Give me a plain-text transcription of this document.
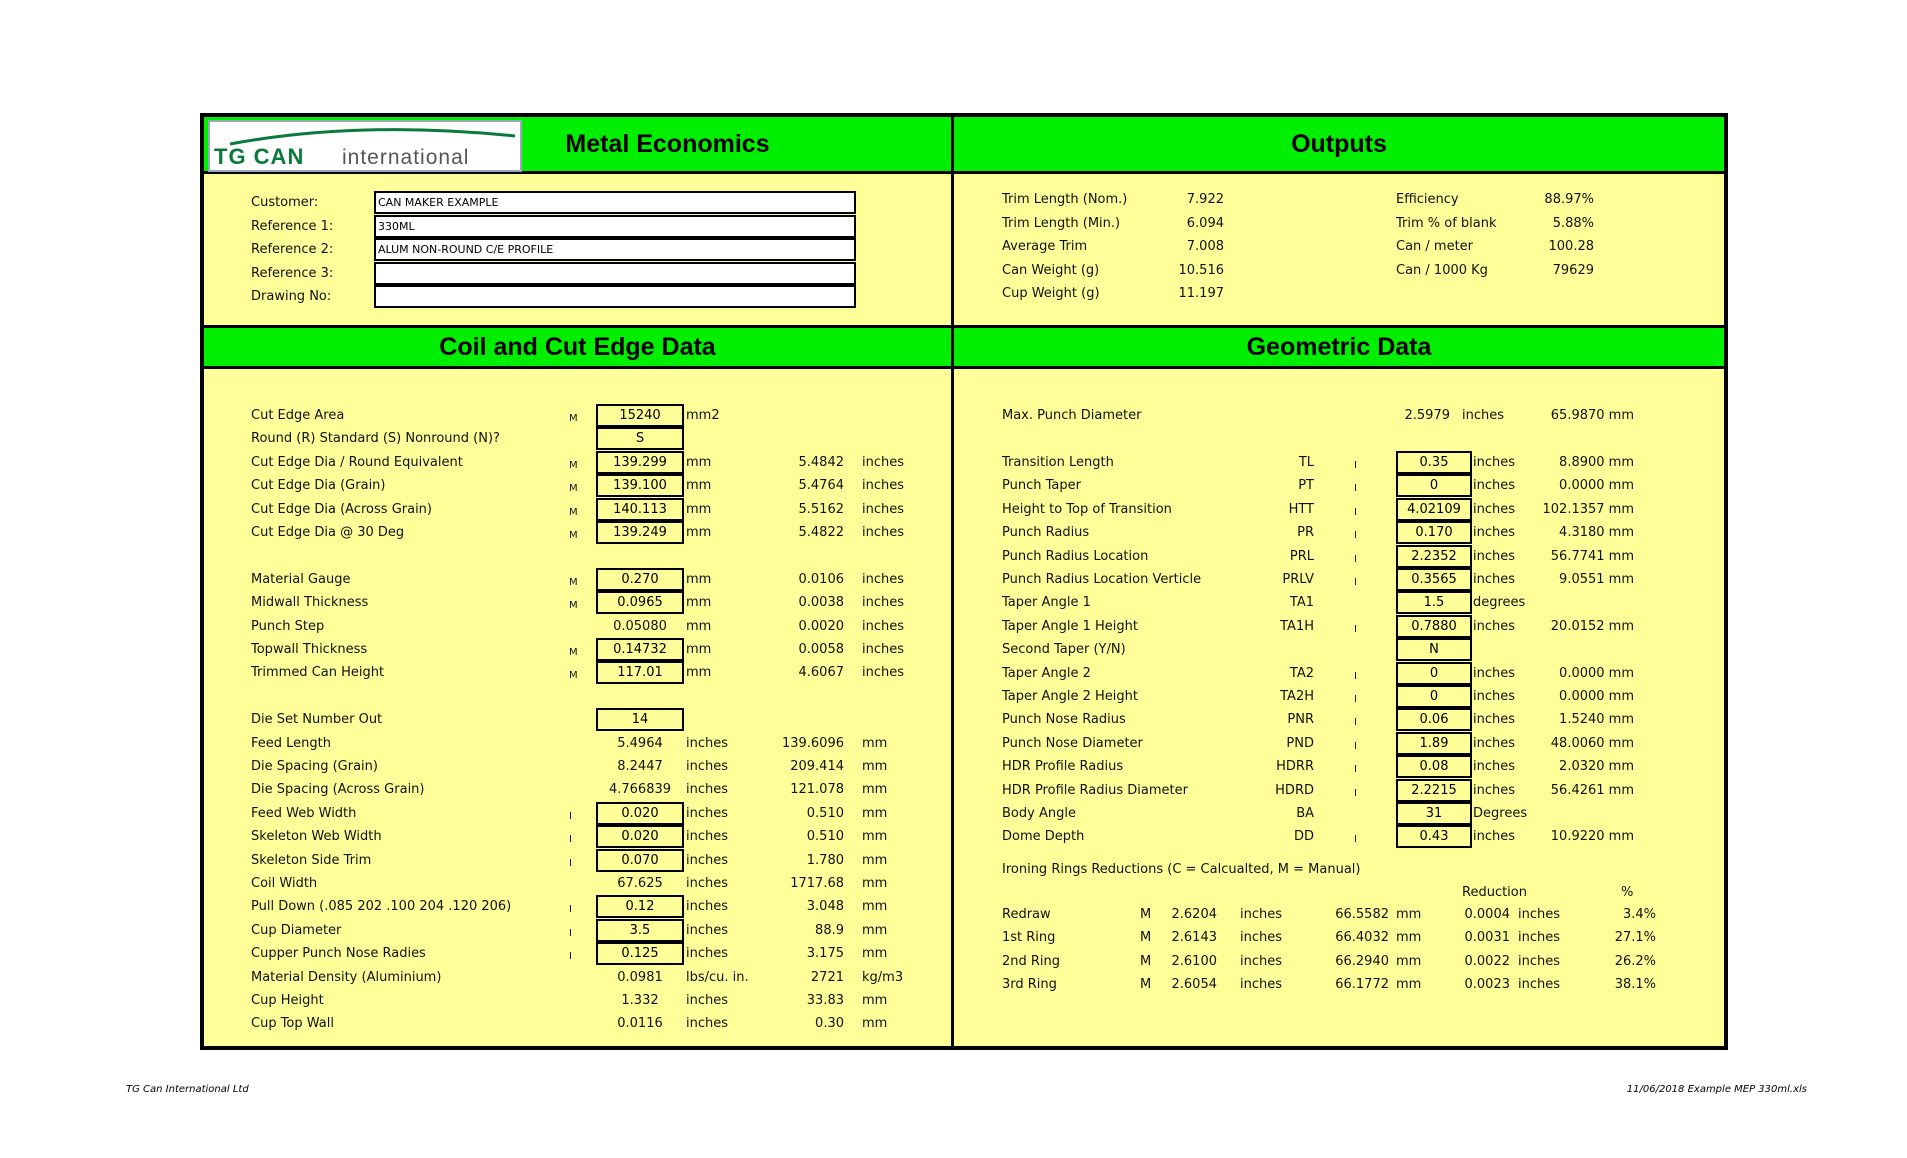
Metal Economics
TG CAN international	Outputs
Coil and Cut Edge Data	Geometric Data
Customer:	CAN MAKER EXAMPLE
Reference 1:	330ML
Reference 2:	ALUM NON-ROUND C/E PROFILE
Reference 3:
Drawing No:
Trim Length (Nom.)	7.922
Trim Length (Min.)	6.094
Average Trim	7.008
Can Weight (g)	10.516
Cup Weight (g)	11.197
Efficiency	88.97%
Trim % of blank	5.88%
Can / meter	100.28
Can / 1000 Kg	79629
Cut Edge Area	M	15240	mm2
Round (R) Standard (S) Nonround (N)?	S
Cut Edge Dia / Round Equivalent	M	139.299	mm	5.4842 inches
Cut Edge Dia (Grain)	M	139.100	mm	5.4764 inches
Cut Edge Dia (Across Grain)	M	140.113	mm	5.5162 inches
Cut Edge Dia @ 30 Deg	M	139.249	mm	5.4822 inches
Material Gauge	M	0.270	mm	0.0106 inches
Midwall Thickness	M	0.0965	mm	0.0038 inches
Punch Step	0.05080	mm	0.0020 inches
Topwall Thickness	M	0.14732	mm	0.0058 inches
Trimmed Can Height	M	117.01	mm	4.6067 inches
Die Set Number Out	14
Feed Length	5.4964	inches	139.6096 mm
Die Spacing (Grain)	8.2447	inches	209.414 mm
Die Spacing (Across Grain)	4.766839	inches	121.078 mm
Feed Web Width	I	0.020	inches	0.510 mm
Skeleton Web Width	I	0.020	inches	0.510 mm
Skeleton Side Trim	I	0.070	inches	1.780 mm
Coil Width	67.625	inches	1717.68 mm
Pull Down (.085 202 .100 204 .120 206)	I	0.12	inches	3.048 mm
Cup Diameter	I	3.5	inches	88.9 mm
Cupper Punch Nose Radies	I	0.125	inches	3.175 mm
Material Density (Aluminium)	0.0981	lbs/cu. in.	2721 kg/m3
Cup Height	1.332	inches	33.83 mm
Cup Top Wall	0.0116	inches	0.30 mm
Max. Punch Diameter	2.5979 inches	65.9870 mm
Transition Length	TL	I	0.35	inches	8.8900 mm
Punch Taper	PT	I	0	inches	0.0000 mm
Height to Top of Transition	HTT	I	4.02109 inches	102.1357 mm
Punch Radius	PR	I	0.170	inches	4.3180 mm
Punch Radius Location	PRL	I	2.2352	inches	56.7741 mm
Punch Radius Location Verticle	PRLV	I	0.3565	inches	9.0551 mm
Taper Angle 1	TA1	1.5	degrees
Taper Angle 1 Height	TA1H	I	0.7880	inches	20.0152 mm
Second Taper (Y/N)	N
Taper Angle 2	TA2	I	0	inches	0.0000 mm
Taper Angle 2 Height	TA2H	I	0	inches	0.0000 mm
Punch Nose Radius	PNR	I	0.06	inches	1.5240 mm
Punch Nose Diameter	PND	I	1.89	inches	48.0060 mm
HDR Profile Radius	HDRR	I	0.08	inches	2.0320 mm
HDR Profile Radius Diameter	HDRD	I	2.2215	inches	56.4261 mm
Body Angle	BA	31	Degrees
Dome Depth	DD	I	0.43	inches	10.9220 mm
Ironing Rings Reductions (C = Calcualted, M = Manual)
Reduction	%
Redraw	M	2.6204 inches	66.5582 mm	0.0004 inches	3.4%
1st Ring	M	2.6143 inches	66.4032 mm	0.0031 inches	27.1%
2nd Ring	M	2.6100 inches	66.2940 mm	0.0022 inches	26.2%
3rd Ring	M	2.6054 inches	66.1772 mm	0.0023 inches	38.1%
TG Can International Ltd	11/06/2018 Example MEP 330ml.xls
